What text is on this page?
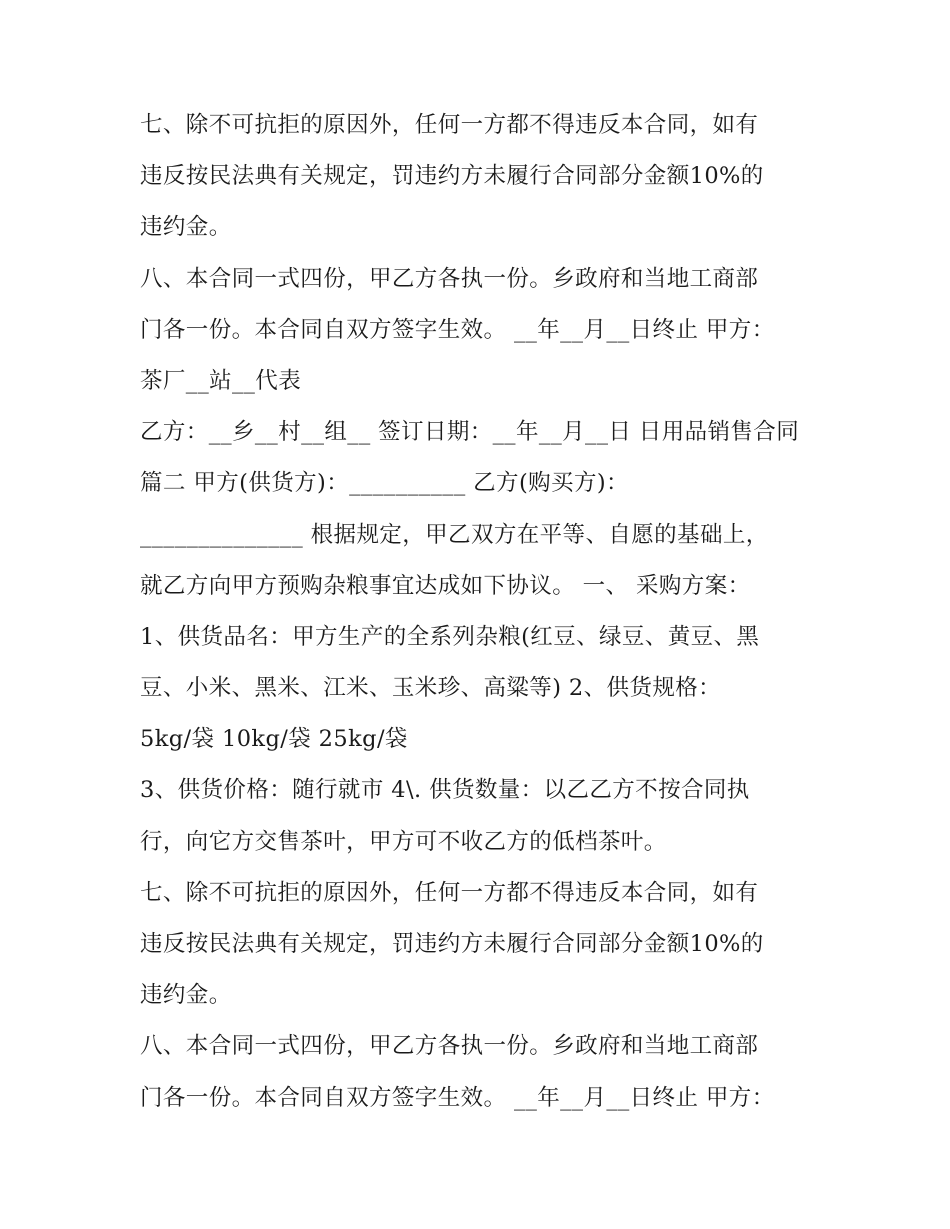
七、除不可抗拒的原因外，任何一方都不得违反本合同，如有
违反按民法典有关规定，罚违约方未履行合同部分金额10%的
违约金。
八、本合同一式四份，甲乙方各执一份。乡政府和当地工商部
门各一份。本合同自双方签字生效。 __年__月__日终止 甲方：
茶厂__站__代表
乙方：__乡__村__组__ 签订日期：__年__月__日 日用品销售合同
篇二 甲方(供货方)：__________ 乙方(购买方)：
______________ 根据规定，甲乙双方在平等、自愿的基础上，
就乙方向甲方预购杂粮事宜达成如下协议。 一、 采购方案：
1、供货品名：甲方生产的全系列杂粮(红豆、绿豆、黄豆、黑
豆、小米、黑米、江米、玉米珍、高粱等) 2、供货规格：
5kg/袋 10kg/袋 25kg/袋
3、供货价格：随行就市 4\. 供货数量：以乙乙方不按合同执
行，向它方交售茶叶，甲方可不收乙方的低档茶叶。
七、除不可抗拒的原因外，任何一方都不得违反本合同，如有
违反按民法典有关规定，罚违约方未履行合同部分金额10%的
违约金。
八、本合同一式四份，甲乙方各执一份。乡政府和当地工商部
门各一份。本合同自双方签字生效。 __年__月__日终止 甲方：
